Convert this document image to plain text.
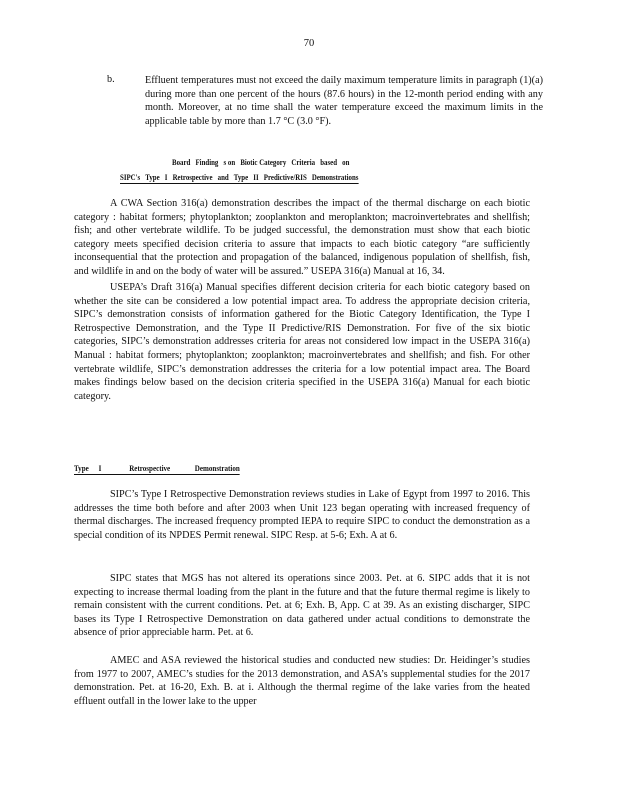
70
b.	Effluent temperatures must not exceed the daily maximum temperature limits in paragraph (1)(a) during more than one percent of the hours (87.6 hours) in the 12-month period ending with any month. Moreover, at no time shall the water temperature exceed the maximum limits in the applicable table by more than 1.7 °C (3.0 °F).
Board   Finding   s on   Biotic Category   Criteria   based   on
SIPC's   Type   I   Retrospective   and   Type   II   Predictive/RIS   Demonstrations
A CWA Section 316(a) demonstration describes the impact of the thermal discharge on each biotic category : habitat formers; phytoplankton; zooplankton and meroplankton; macroinvertebrates and shellfish; fish; and other vertebrate wildlife. To be judged successful, the demonstration must show that each biotic category meets specified decision criteria to assure that impacts to each biotic category “are sufficiently inconsequential that the protection and propagation of the balanced, indigenous population of shellfish, fish, and wildlife in and on the body of water will be assured.” USEPA 316(a) Manual at 16, 34.
USEPA’s Draft 316(a) Manual specifies different decision criteria for each biotic category based on whether the site can be considered a low potential impact area. To address the appropriate decision criteria, SIPC’s demonstration consists of information gathered for the Biotic Category Identification, the Type I Retrospective Demonstration, and the Type II Predictive/RIS Demonstration. For five of the six biotic categories, SIPC’s demonstration addresses criteria for areas not considered low impact in the USEPA 316(a) Manual : habitat formers; phytoplankton; zooplankton; macroinvertebrates and shellfish; and fish. For other vertebrate wildlife, SIPC’s demonstration addresses the criteria for a low potential impact area. The Board makes findings below based on the decision criteria specified in the USEPA 316(a) Manual for each biotic category.
Type I	Retrospective	Demonstration
SIPC’s Type I Retrospective Demonstration reviews studies in Lake of Egypt from 1997 to 2016. This addresses the time both before and after 2003 when Unit 123 began operating with increased frequency of thermal discharges. The increased frequency prompted IEPA to require SIPC to conduct the demonstration as a special condition of its NPDES Permit renewal. SIPC Resp. at 5-6; Exh. A at 6.
SIPC states that MGS has not altered its operations since 2003. Pet. at 6. SIPC adds that it is not expecting to increase thermal loading from the plant in the future and that the future thermal regime is likely to remain consistent with the current conditions. Pet. at 6; Exh. B, App. C at 39. As an existing discharger, SIPC bases its Type I Retrospective Demonstration on data gathered under actual conditions to demonstrate the absence of prior appreciable harm. Pet. at 6.
AMEC and ASA reviewed the historical studies and conducted new studies: Dr. Heidinger’s studies from 1977 to 2007, AMEC’s studies for the 2013 demonstration, and ASA’s supplemental studies for the 2017 demonstration. Pet. at 16-20, Exh. B. at i. Although the thermal regime of the lake varies from the heated effluent outfall in the lower lake to the upper
